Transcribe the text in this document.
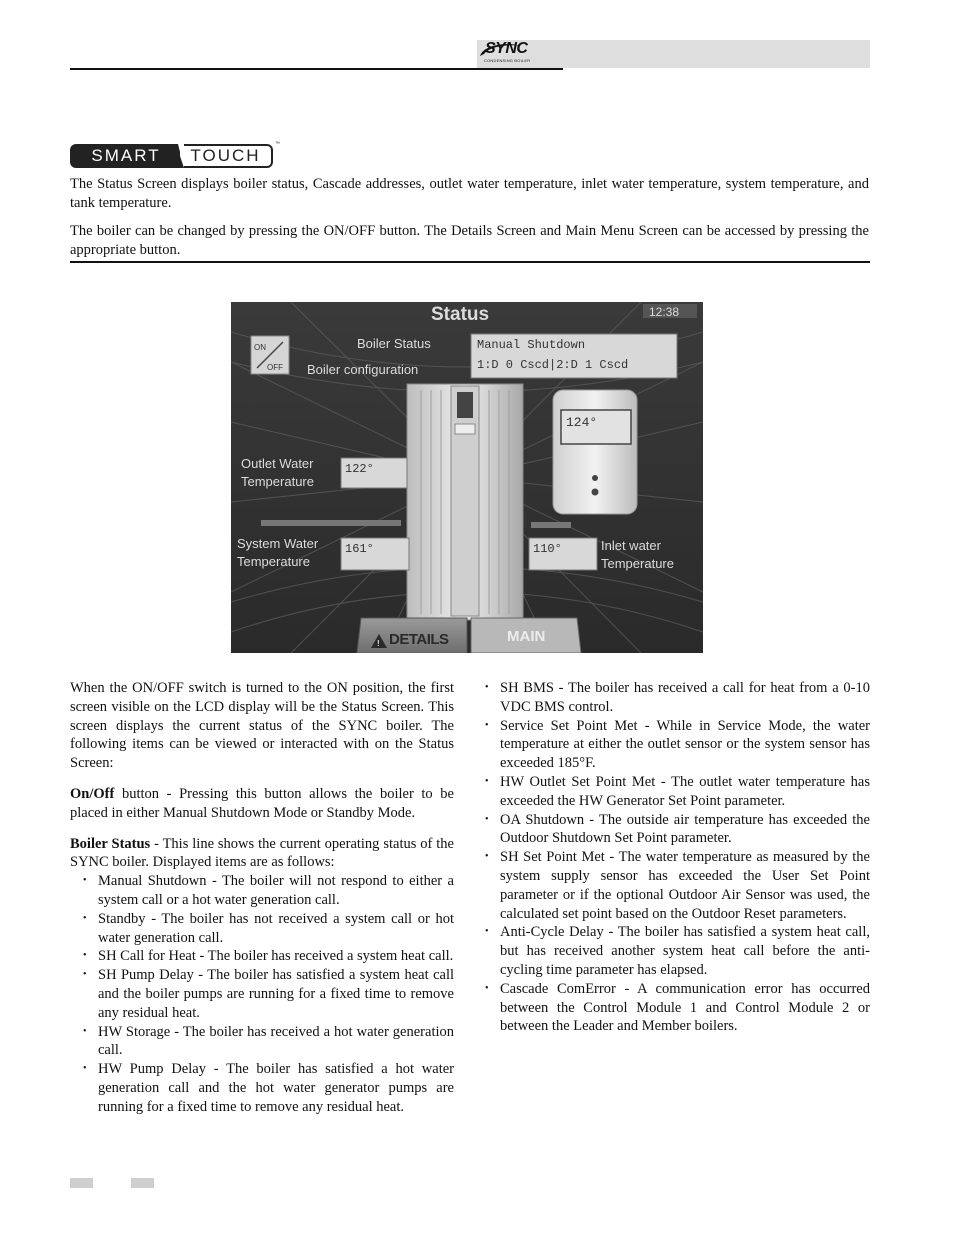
SYNC
CONDENSING BOILER
SMART	TOUCH
™

The Status Screen displays boiler status, Cascade addresses, outlet water temperature, inlet water temperature, system temperature, and tank temperature.

The boiler can be changed by pressing the ON/OFF button. The Details Screen and Main Menu Screen can be accessed by pressing the appropriate button.

Status	12:38
ON
OFF
Boiler Status
Boiler configuration
Manual Shutdown
1:D 0 Cscd|2:D 1 Cscd
124°
Outlet Water
Temperature
122°
System Water
Temperature
161°	110°	Inlet water
Temperature
! DETAILS	MAIN

When the ON/OFF switch is turned to the ON position, the first screen visible on the LCD display will be the Status Screen. This screen displays the current status of the SYNC boiler. The following items can be viewed or interacted with on the Status Screen:

On/Off button - Pressing this button allows the boiler to be placed in either Manual Shutdown Mode or Standby Mode.

Boiler Status - This line shows the current operating status of the SYNC boiler. Displayed items are as follows:

• Manual Shutdown - The boiler will not respond to either a system call or a hot water generation call.
• Standby - The boiler has not received a system call or hot water generation call.
• SH Call for Heat - The boiler has received a system heat call.
• SH Pump Delay - The boiler has satisfied a system heat call and the boiler pumps are running for a fixed time to remove any residual heat.
• HW Storage - The boiler has received a hot water generation call.
• HW Pump Delay - The boiler has satisfied a hot water generation call and the hot water generator pumps are running for a fixed time to remove any residual heat.
• SH BMS - The boiler has received a call for heat from a 0-10 VDC BMS control.
• Service Set Point Met - While in Service Mode, the water temperature at either the outlet sensor or the system sensor has exceeded 185°F.
• HW Outlet Set Point Met - The outlet water temperature has exceeded the HW Generator Set Point parameter.
• OA Shutdown - The outside air temperature has exceeded the Outdoor Shutdown Set Point parameter.
• SH Set Point Met - The water temperature as measured by the system supply sensor has exceeded the User Set Point parameter or if the optional Outdoor Air Sensor was used, the calculated set point based on the Outdoor Reset parameters.
• Anti-Cycle Delay - The boiler has satisfied a system heat call, but has received another system heat call before the anti-cycling time parameter has elapsed.
• Cascade ComError - A communication error has occurred between the Control Module 1 and Control Module 2 or between the Leader and Member boilers.
